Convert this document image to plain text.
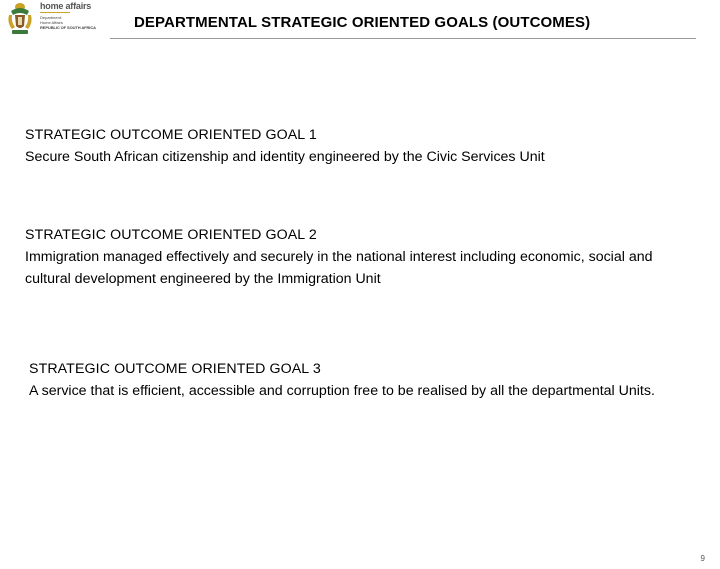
home affairs
Department:
Home Affairs
REPUBLIC OF SOUTH AFRICA	DEPARTMENTAL STRATEGIC ORIENTED GOALS (OUTCOMES)
STRATEGIC OUTCOME ORIENTED GOAL 1
Secure South African citizenship and identity engineered by the Civic Services Unit
STRATEGIC OUTCOME ORIENTED GOAL 2
Immigration managed effectively and securely in the national interest including economic, social and cultural development engineered by the Immigration Unit
STRATEGIC OUTCOME ORIENTED GOAL 3
A service that is efficient, accessible and corruption free to be realised by all the departmental Units.
9
